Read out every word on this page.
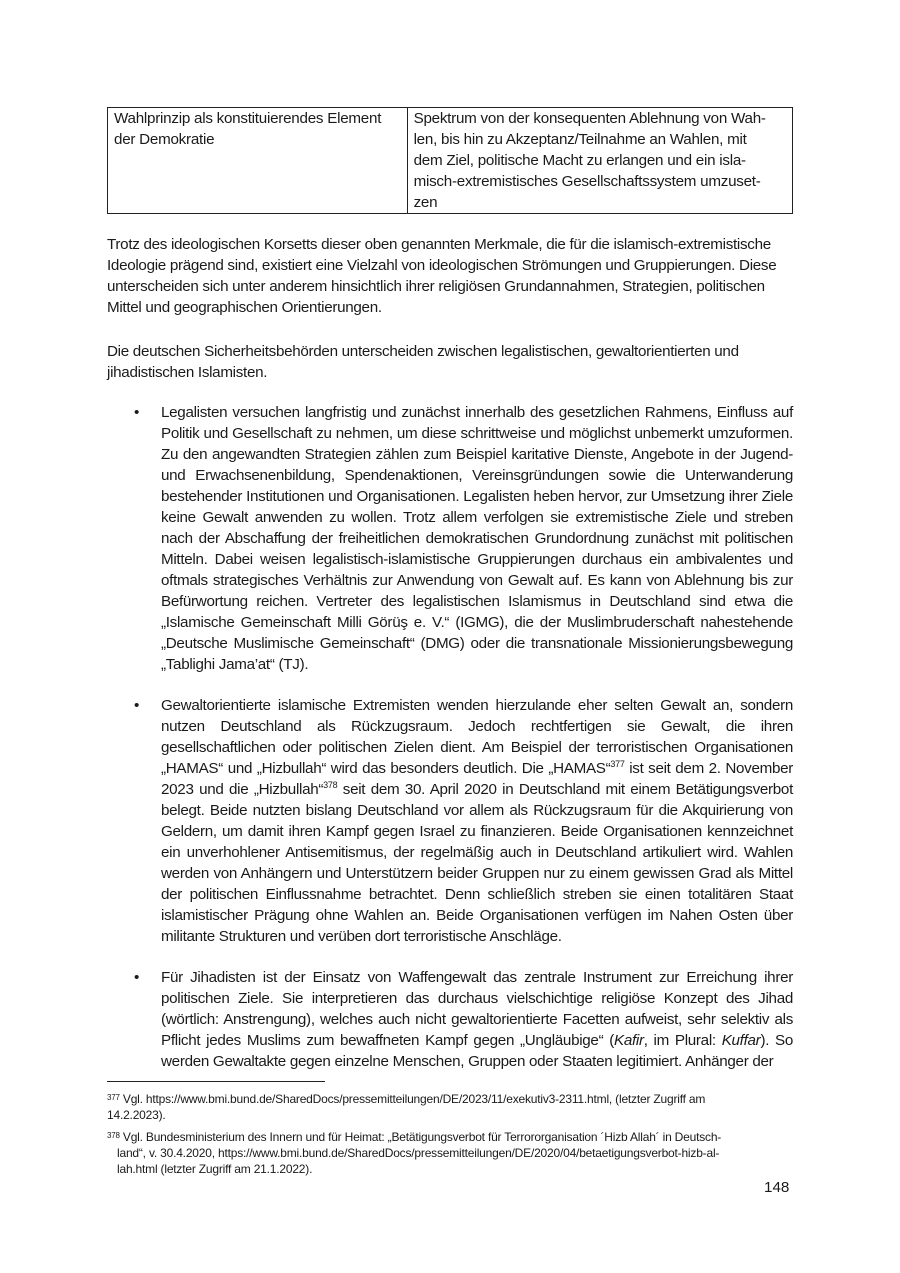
Wahlprinzip als konstituierendes Element
der Demokratie

Spektrum von der konsequenten Ablehnung von Wah-
len, bis hin zu Akzeptanz/Teilnahme an Wahlen, mit
dem Ziel, politische Macht zu erlangen und ein isla-
misch-extremistisches Gesellschaftssystem umzuset-
zen

Trotz des ideologischen Korsetts dieser oben genannten Merkmale, die für die islamisch-extremistische Ideologie prägend sind, existiert eine Vielzahl von ideologischen Strömungen und Gruppierungen. Diese unterscheiden sich unter anderem hinsichtlich ihrer religiösen Grundannahmen, Strategien, politischen Mittel und geographischen Orientierungen.

Die deutschen Sicherheitsbehörden unterscheiden zwischen legalistischen, gewaltorientierten und jihadistischen Islamisten.

• Legalisten versuchen langfristig und zunächst innerhalb des gesetzlichen Rahmens, Einfluss auf Politik und Gesellschaft zu nehmen, um diese schrittweise und möglichst unbemerkt umzuformen. Zu den angewandten Strategien zählen zum Beispiel karitative Dienste, Angebote in der Jugend- und Erwachsenenbildung, Spendenaktionen, Vereinsgründungen sowie die Unterwanderung bestehender Institutionen und Organisationen. Legalisten heben hervor, zur Umsetzung ihrer Ziele keine Gewalt anwenden zu wollen. Trotz allem verfolgen sie extremistische Ziele und streben nach der Abschaffung der freiheitlichen demokratischen Grundordnung zunächst mit politischen Mitteln. Dabei weisen legalistisch-islamistische Gruppierungen durchaus ein ambivalentes und oftmals strategisches Verhältnis zur Anwendung von Gewalt auf. Es kann von Ablehnung bis zur Befürwortung reichen. Vertreter des legalistischen Islamismus in Deutschland sind etwa die „Islamische Gemeinschaft Milli Görüş e. V.“ (IGMG), die der Muslimbruderschaft nahestehende „Deutsche Muslimische Gemeinschaft“ (DMG) oder die transnationale Missionierungsbewegung „Tablighi Jama’at“ (TJ).
• Gewaltorientierte islamische Extremisten wenden hierzulande eher selten Gewalt an, sondern nutzen Deutschland als Rückzugsraum. Jedoch rechtfertigen sie Gewalt, die ihren gesellschaftlichen oder politischen Zielen dient. Am Beispiel der terroristischen Organisationen „HAMAS“ und „Hizbullah“ wird das besonders deutlich. Die „HAMAS“$^{377}$ ist seit dem 2. November 2023 und die „Hizbullah“$^{378}$ seit dem 30. April 2020 in Deutschland mit einem Betätigungsverbot belegt. Beide nutzten bislang Deutschland vor allem als Rückzugsraum für die Akquirierung von Geldern, um damit ihren Kampf gegen Israel zu finanzieren. Beide Organisationen kennzeichnet ein unverhohlener Antisemitismus, der regelmäßig auch in Deutschland artikuliert wird. Wahlen werden von Anhängern und Unterstützern beider Gruppen nur zu einem gewissen Grad als Mittel der politischen Einflussnahme betrachtet. Denn schließlich streben sie einen totalitären Staat islamistischer Prägung ohne Wahlen an. Beide Organisationen verfügen im Nahen Osten über militante Strukturen und verüben dort terroristische Anschläge.
• Für Jihadisten ist der Einsatz von Waffengewalt das zentrale Instrument zur Erreichung ihrer politischen Ziele. Sie interpretieren das durchaus vielschichtige religiöse Konzept des Jihad (wörtlich: Anstrengung), welches auch nicht gewaltorientierte Facetten aufweist, sehr selektiv als Pflicht jedes Muslims zum bewaffneten Kampf gegen „Ungläubige“ (Kafir, im Plural: Kuffar). So werden Gewaltakte gegen einzelne Menschen, Gruppen oder Staaten legitimiert. Anhänger der

$^{377}$ Vgl. https://www.bmi.bund.de/SharedDocs/pressemitteilungen/DE/2023/11/exekutiv3-2311.html, (letzter Zugriff am
14.2.2023).

$^{378}$ Vgl. Bundesministerium des Innern und für Heimat: „Betätigungsverbot für Terrororganisation ´Hizb Allah´ in Deutsch-
land“, v. 30.4.2020, https://www.bmi.bund.de/SharedDocs/pressemitteilungen/DE/2020/04/betaetigungsverbot-hizb-al-
lah.html (letzter Zugriff am 21.1.2022).

148
